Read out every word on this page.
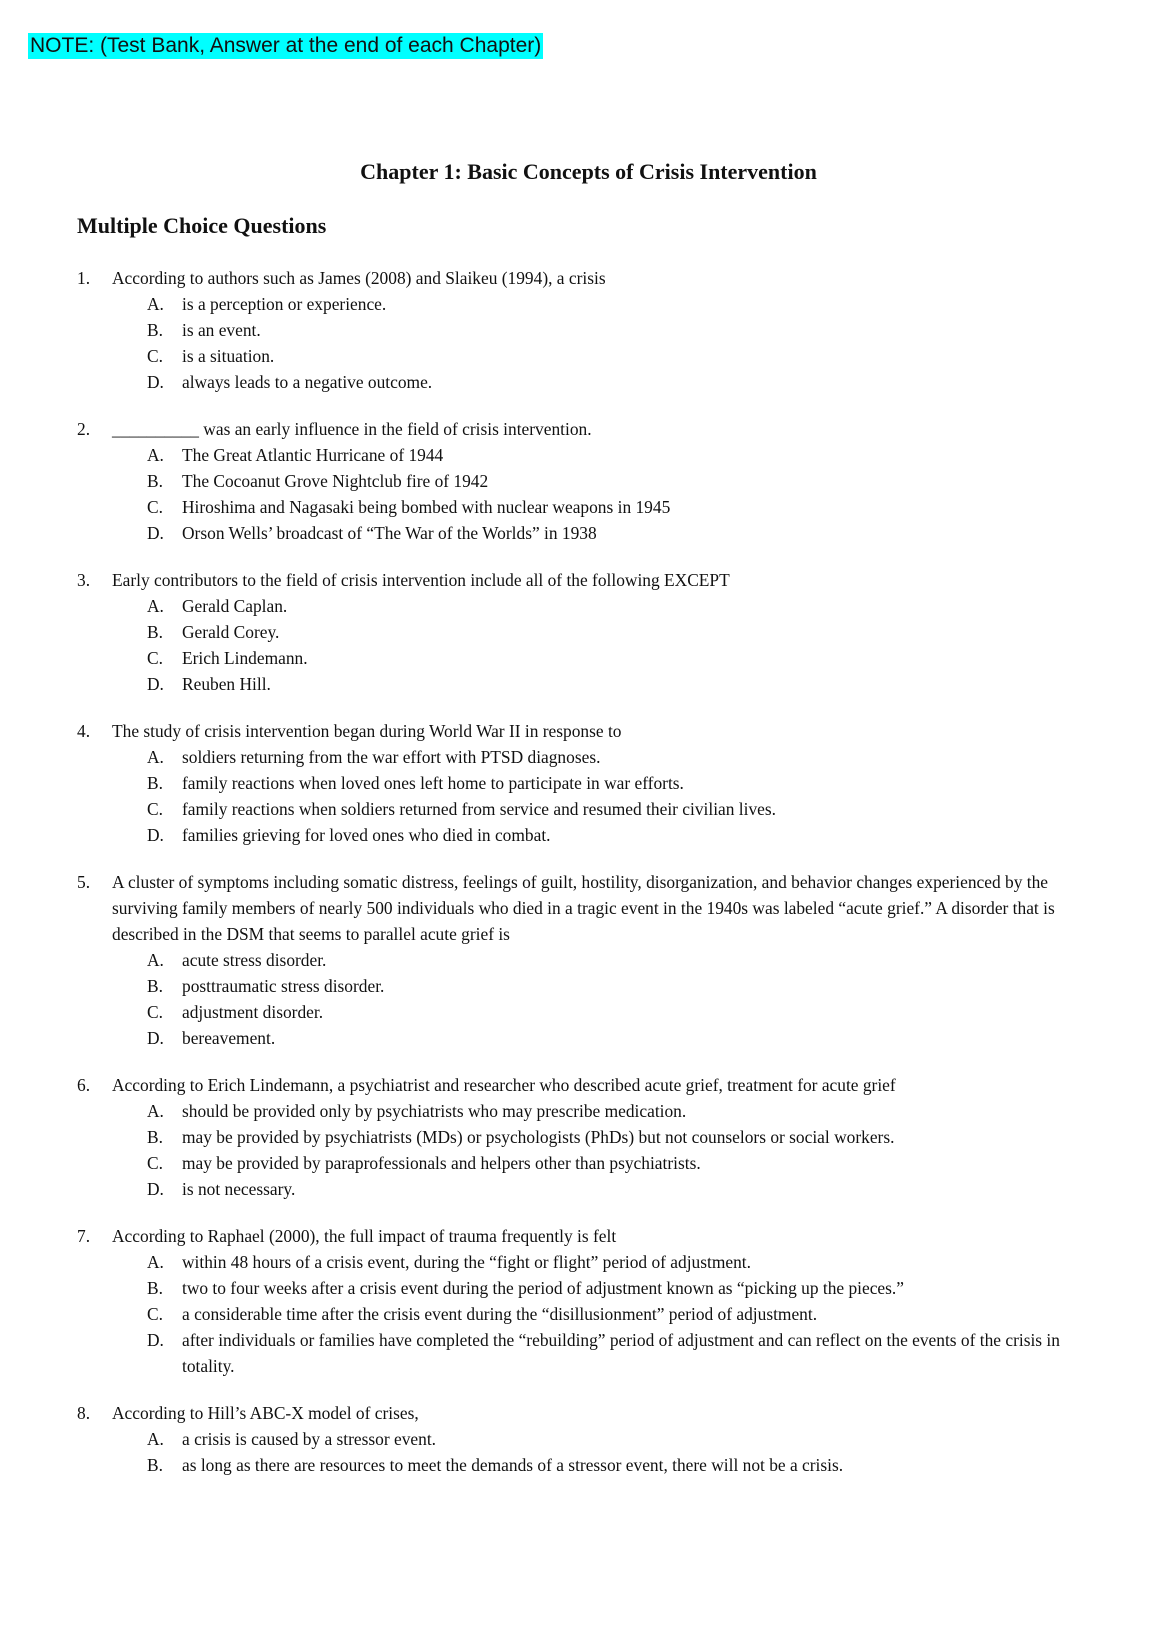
NOTE: (Test Bank, Answer at the end of each Chapter)
Chapter 1: Basic Concepts of Crisis Intervention
Multiple Choice Questions
1. According to authors such as James (2008) and Slaikeu (1994), a crisis
A. is a perception or experience.
B. is an event.
C. is a situation.
D. always leads to a negative outcome.
2. __________ was an early influence in the field of crisis intervention.
A. The Great Atlantic Hurricane of 1944
B. The Cocoanut Grove Nightclub fire of 1942
C. Hiroshima and Nagasaki being bombed with nuclear weapons in 1945
D. Orson Wells’ broadcast of “The War of the Worlds” in 1938
3. Early contributors to the field of crisis intervention include all of the following EXCEPT
A. Gerald Caplan.
B. Gerald Corey.
C. Erich Lindemann.
D. Reuben Hill.
4. The study of crisis intervention began during World War II in response to
A. soldiers returning from the war effort with PTSD diagnoses.
B. family reactions when loved ones left home to participate in war efforts.
C. family reactions when soldiers returned from service and resumed their civilian lives.
D. families grieving for loved ones who died in combat.
5. A cluster of symptoms including somatic distress, feelings of guilt, hostility, disorganization, and behavior changes experienced by the surviving family members of nearly 500 individuals who died in a tragic event in the 1940s was labeled “acute grief.” A disorder that is described in the DSM that seems to parallel acute grief is
A. acute stress disorder.
B. posttraumatic stress disorder.
C. adjustment disorder.
D. bereavement.
6. According to Erich Lindemann, a psychiatrist and researcher who described acute grief, treatment for acute grief
A. should be provided only by psychiatrists who may prescribe medication.
B. may be provided by psychiatrists (MDs) or psychologists (PhDs) but not counselors or social workers.
C. may be provided by paraprofessionals and helpers other than psychiatrists.
D. is not necessary.
7. According to Raphael (2000), the full impact of trauma frequently is felt
A. within 48 hours of a crisis event, during the “fight or flight” period of adjustment.
B. two to four weeks after a crisis event during the period of adjustment known as “picking up the pieces.”
C. a considerable time after the crisis event during the “disillusionment” period of adjustment.
D. after individuals or families have completed the “rebuilding” period of adjustment and can reflect on the events of the crisis in totality.
8. According to Hill’s ABC-X model of crises,
A. a crisis is caused by a stressor event.
B. as long as there are resources to meet the demands of a stressor event, there will not be a crisis.
